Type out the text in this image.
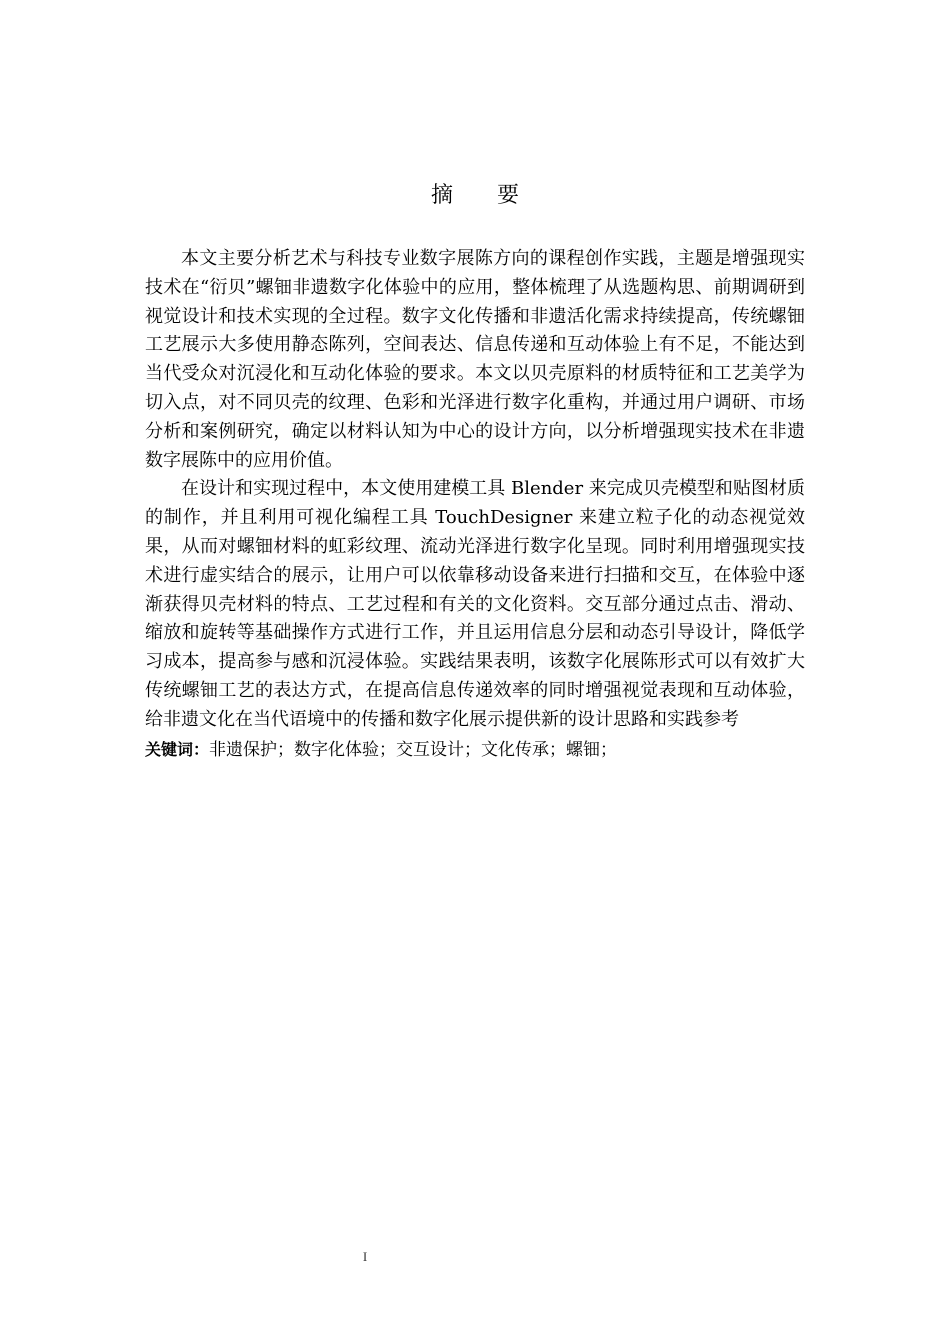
摘要

本文主要分析艺术与科技专业数字展陈方向的课程创作实践，主题是增强现实技术在“衍贝”螺钿非遗数字化体验中的应用，整体梳理了从选题构思、前期调研到视觉设计和技术实现的全过程。数字文化传播和非遗活化需求持续提高，传统螺钿工艺展示大多使用静态陈列，空间表达、信息传递和互动体验上有不足，不能达到当代受众对沉浸化和互动化体验的要求。本文以贝壳原料的材质特征和工艺美学为切入点，对不同贝壳的纹理、色彩和光泽进行数字化重构，并通过用户调研、市场分析和案例研究，确定以材料认知为中心的设计方向，以分析增强现实技术在非遗数字展陈中的应用价值。

在设计和实现过程中，本文使用建模工具 Blender 来完成贝壳模型和贴图材质的制作，并且利用可视化编程工具 TouchDesigner 来建立粒子化的动态视觉效果，从而对螺钿材料的虹彩纹理、流动光泽进行数字化呈现。同时利用增强现实技术进行虚实结合的展示，让用户可以依靠移动设备来进行扫描和交互，在体验中逐渐获得贝壳材料的特点、工艺过程和有关的文化资料。交互部分通过点击、滑动、缩放和旋转等基础操作方式进行工作，并且运用信息分层和动态引导设计，降低学习成本，提高参与感和沉浸体验。实践结果表明，该数字化展陈形式可以有效扩大传统螺钿工艺的表达方式，在提高信息传递效率的同时增强视觉表现和互动体验，给非遗文化在当代语境中的传播和数字化展示提供新的设计思路和实践参考

关键词：非遗保护；数字化体验；交互设计；文化传承；螺钿；

I
